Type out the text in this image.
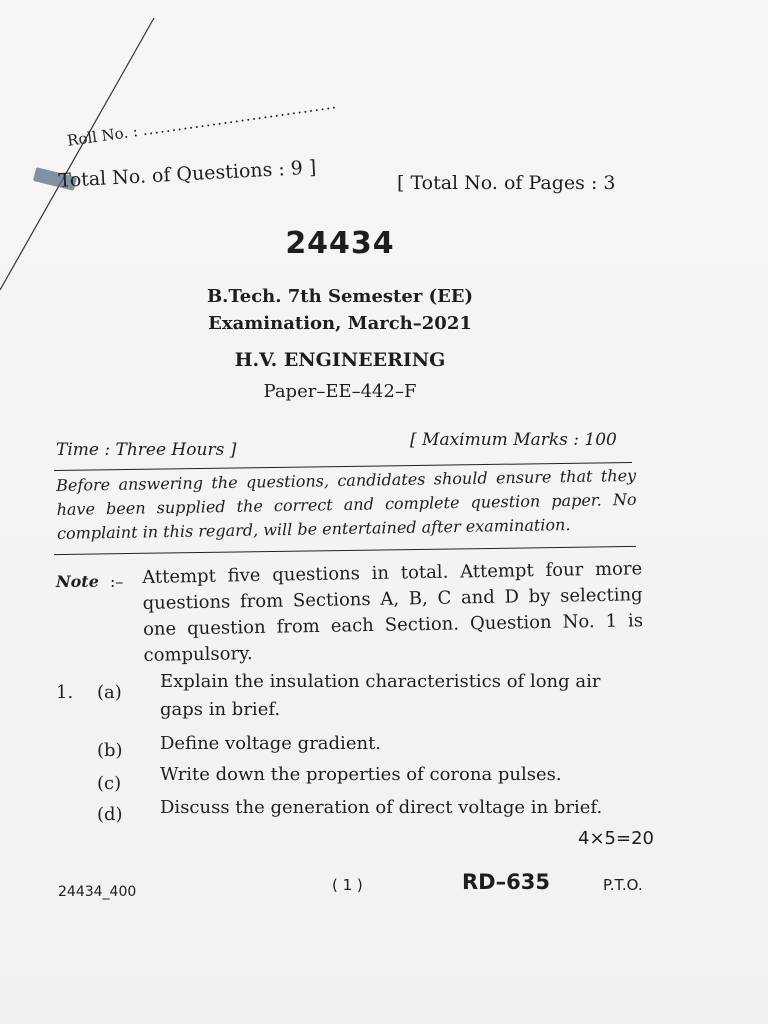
Roll No. : ..................................
Total No. of Questions : 9 ]	[ Total No. of Pages : 3
24434
B.Tech. 7th Semester (EE)
Examination, March–2021
H.V. ENGINEERING
Paper–EE–442–F
Time : Three Hours ]	[ Maximum Marks : 100
Before answering the questions, candidates should ensure that they have been supplied the correct and complete question paper. No complaint in this regard, will be entertained after examination.
Note :– Attempt five questions in total. Attempt four more questions from Sections A, B, C and D by selecting one question from each Section. Question No. 1 is compulsory.
1. (a)
Explain the insulation characteristics of long air gaps in brief.
(b) Define voltage gradient.
(c) Write down the properties of corona pulses.
(d) Discuss the generation of direct voltage in brief.
4×5=20
24434_400	( 1 )	RD–635	P.T.O.
